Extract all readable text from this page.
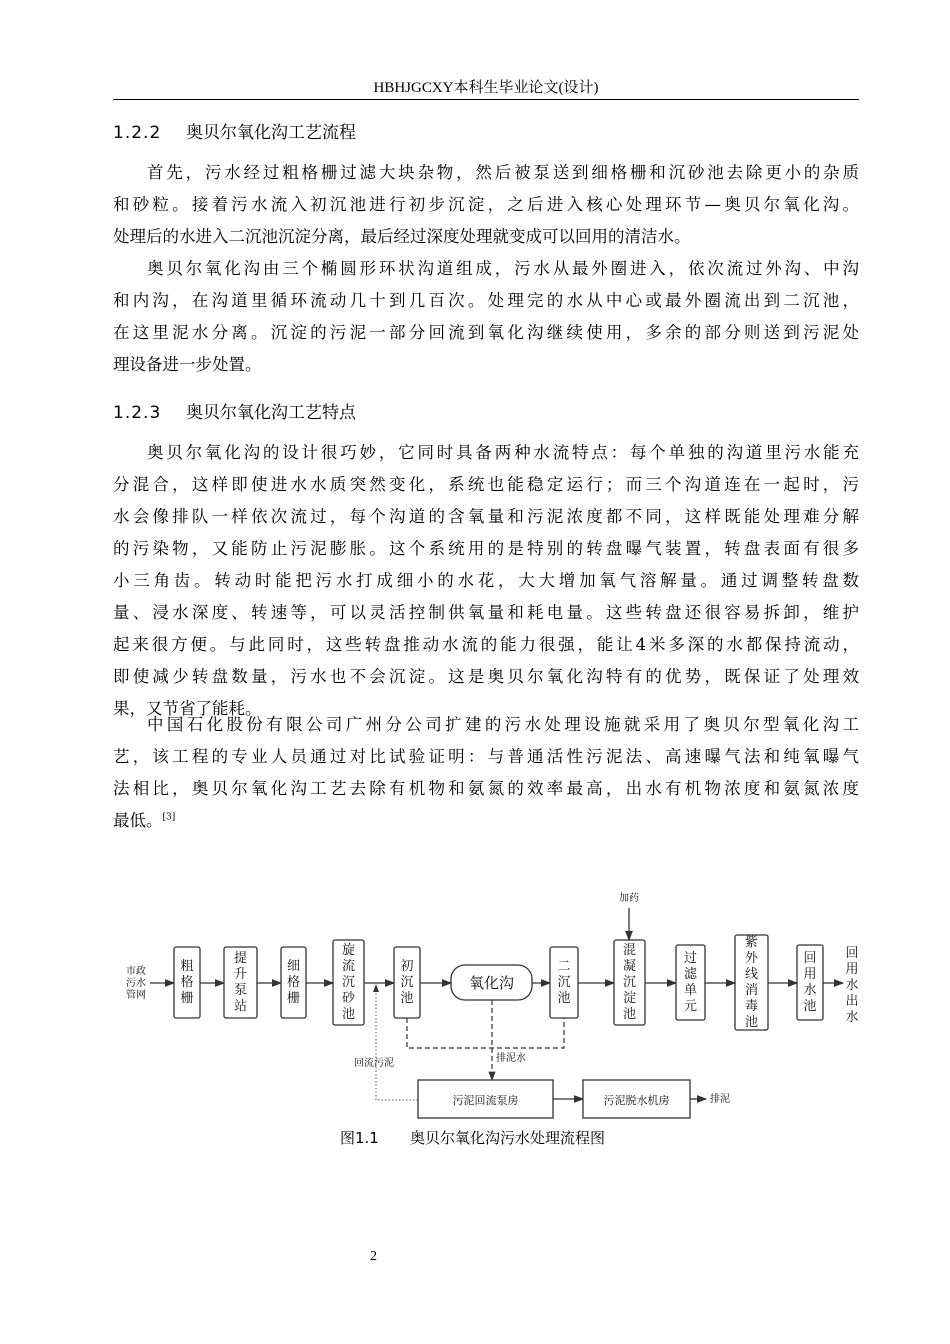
HBHJGCXY本科生毕业论文(设计)
1.2.2 奥贝尔氧化沟工艺流程
首先，污水经过粗格栅过滤大块杂物，然后被泵送到细格栅和沉砂池去除更小的杂质
和砂粒。接着污水流入初沉池进行初步沉淀，之后进入核心处理环节—奥贝尔氧化沟。
处理后的水进入二沉池沉淀分离，最后经过深度处理就变成可以回用的清洁水。
奥贝尔氧化沟由三个椭圆形环状沟道组成，污水从最外圈进入，依次流过外沟、中沟
和内沟，在沟道里循环流动几十到几百次。处理完的水从中心或最外圈流出到二沉池，
在这里泥水分离。沉淀的污泥一部分回流到氧化沟继续使用，多余的部分则送到污泥处
理设备进一步处置。
1.2.3 奥贝尔氧化沟工艺特点
奥贝尔氧化沟的设计很巧妙，它同时具备两种水流特点：每个单独的沟道里污水能充
分混合，这样即使进水水质突然变化，系统也能稳定运行；而三个沟道连在一起时，污
水会像排队一样依次流过，每个沟道的含氧量和污泥浓度都不同，这样既能处理难分解
的污染物，又能防止污泥膨胀。这个系统用的是特别的转盘曝气装置，转盘表面有很多
小三角齿。转动时能把污水打成细小的水花，大大增加氧气溶解量。通过调整转盘数
量、浸水深度、转速等，可以灵活控制供氧量和耗电量。这些转盘还很容易拆卸，维护
起来很方便。与此同时，这些转盘推动水流的能力很强，能让4米多深的水都保持流动，
即使减少转盘数量，污水也不会沉淀。这是奥贝尔氧化沟特有的优势，既保证了处理效
果，又节省了能耗。
中国石化股份有限公司广州分公司扩建的污水处理设施就采用了奥贝尔型氧化沟工
艺，该工程的专业人员通过对比试验证明：与普通活性污泥法、高速曝气法和纯氧曝气
法相比，奥贝尔氧化沟工艺去除有机物和氨氮的效率最高，出水有机物浓度和氨氮浓度
最低。[3]
市政污水管网
回用水出水
加药
排泥水
回流污泥
污泥回流泵房	污泥脱水机房	排泥
粗格栅
提升泵站
细格栅
旋流沉砂池
初沉池
氧化沟
二沉池
混凝沉淀池
过滤单元
紫外线消毒池
回用水池
图1.1 奥贝尔氧化沟污水处理流程图
2
